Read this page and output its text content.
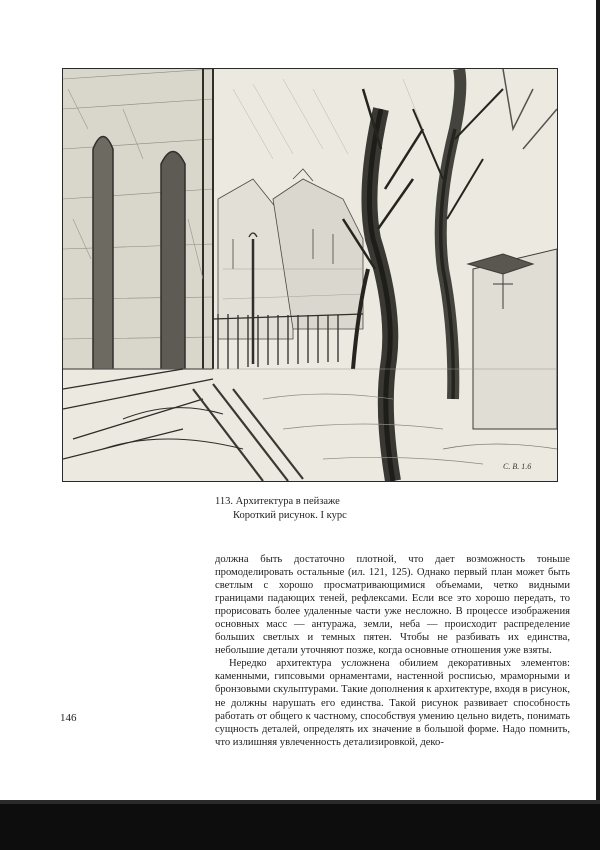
С. В. 1.6
113. Архитектура в пейзаже
Короткий рисунок. I курс

должна быть достаточно плотной, что дает возможность тоньше промоделировать остальные (ил. 121, 125). Однако первый план может быть светлым с хорошо просматривающимися объемами, четко видными границами падающих теней, рефлексами. Если все это хорошо передать, то прорисовать более удаленные части уже несложно. В процессе изображения основных масс — антуража, земли, неба — происходит распределение больших светлых и темных пятен. Чтобы не разбивать их единства, небольшие детали уточняют позже, когда основные отношения уже взяты.

Нередко архитектура усложнена обилием декоративных элементов: каменными, гипсовыми орнаментами, настенной росписью, мраморными и бронзовыми скульптурами. Такие дополнения к архитектуре, входя в рисунок, не должны нарушать его единства. Такой рисунок развивает способность работать от общего к частному, способствуя умению цельно видеть, понимать сущность деталей, определять их значение в большой форме. Надо помнить, что излишняя увлеченность детализировкой, деко-

146
